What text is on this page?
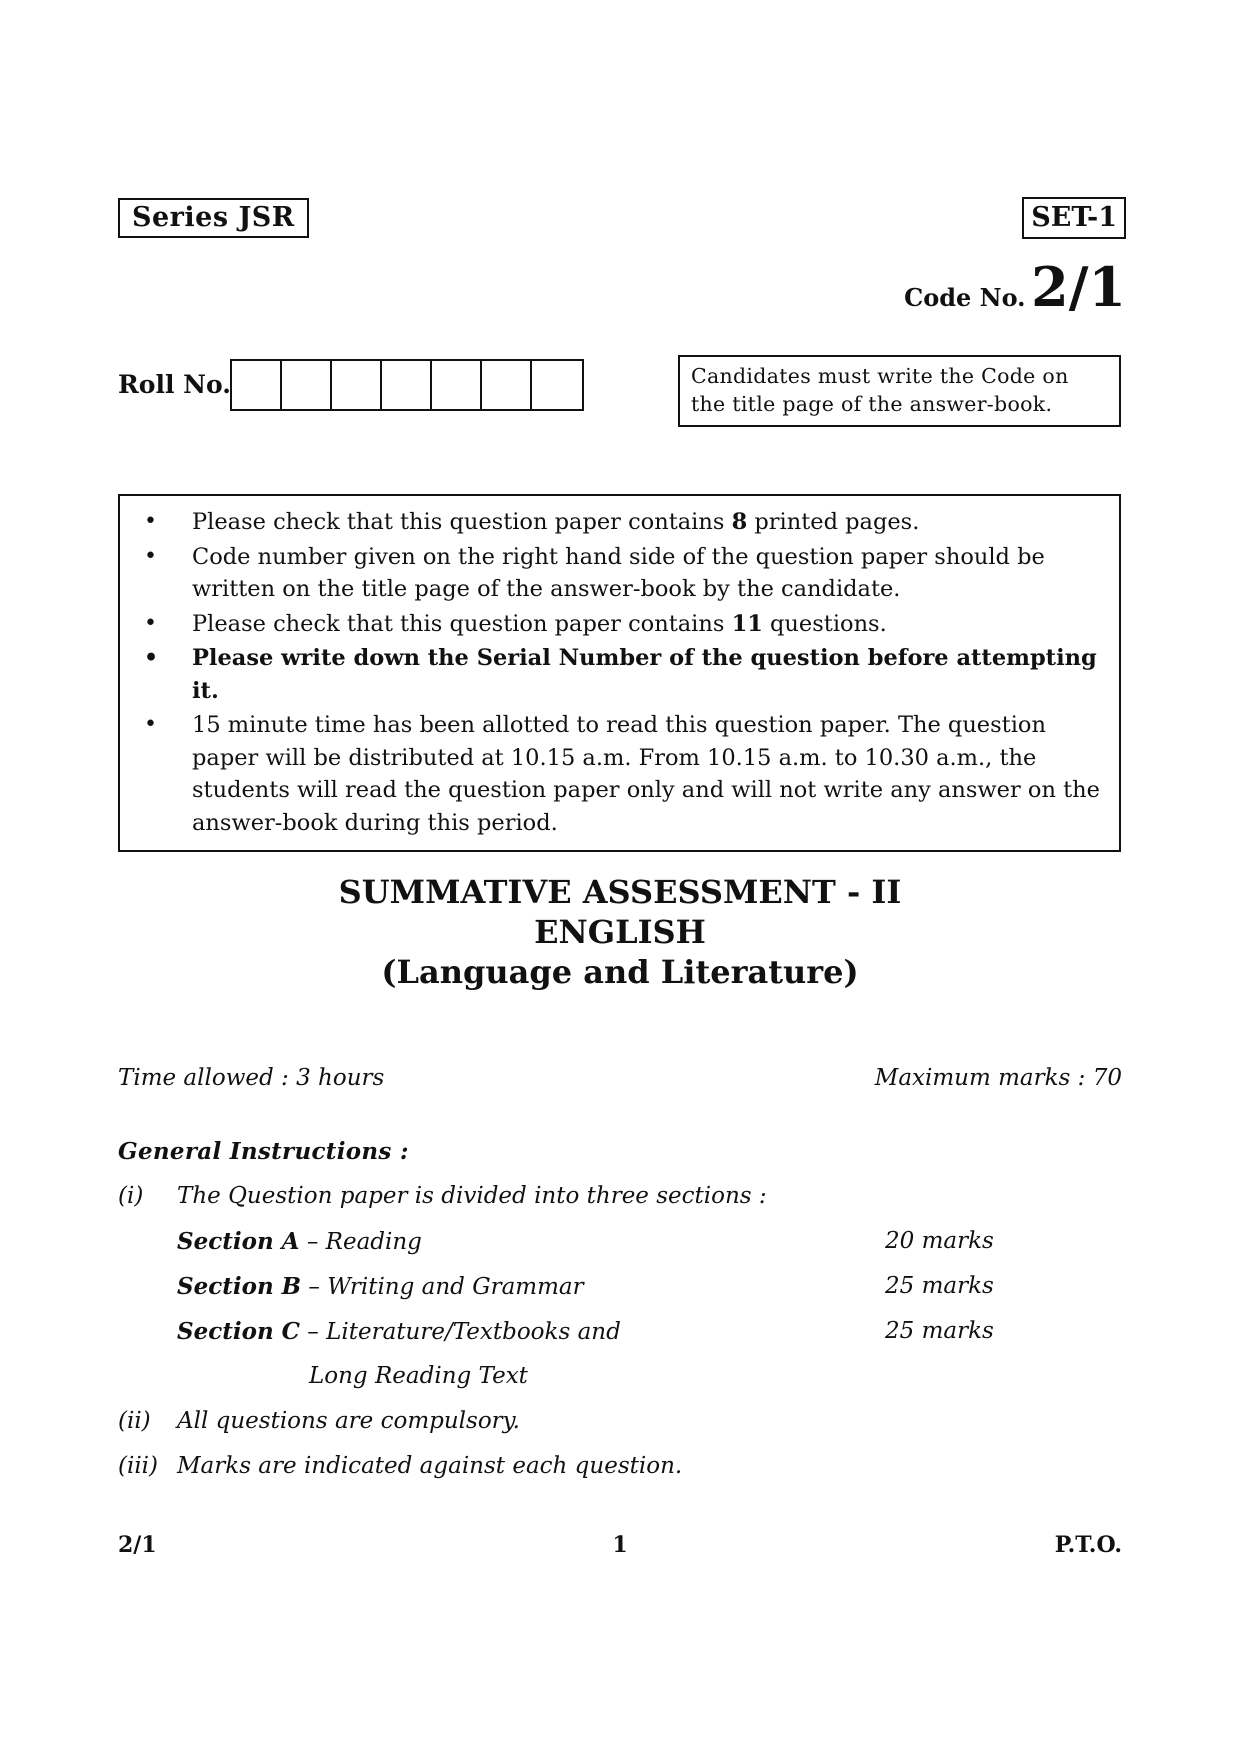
Series JSR	SET-1
Code No. 2/1
Roll No.	Candidates must write the Code on the title page of the answer-book.
• Please check that this question paper contains 8 printed pages.
• Code number given on the right hand side of the question paper should be written on the title page of the answer-book by the candidate.
• Please check that this question paper contains 11 questions.
• Please write down the Serial Number of the question before attempting it.
• 15 minute time has been allotted to read this question paper. The question paper will be distributed at 10.15 a.m. From 10.15 a.m. to 10.30 a.m., the students will read the question paper only and will not write any answer on the answer-book during this period.
SUMMATIVE ASSESSMENT - II
ENGLISH
(Language and Literature)
Time allowed : 3 hours	Maximum marks : 70
General Instructions :
(i) The Question paper is divided into three sections :
Section A – Reading	20 marks
Section B – Writing and Grammar	25 marks
Section C – Literature/Textbooks and	25 marks
Long Reading Text
(ii) All questions are compulsory.
(iii) Marks are indicated against each question.
2/1	1	P.T.O.
